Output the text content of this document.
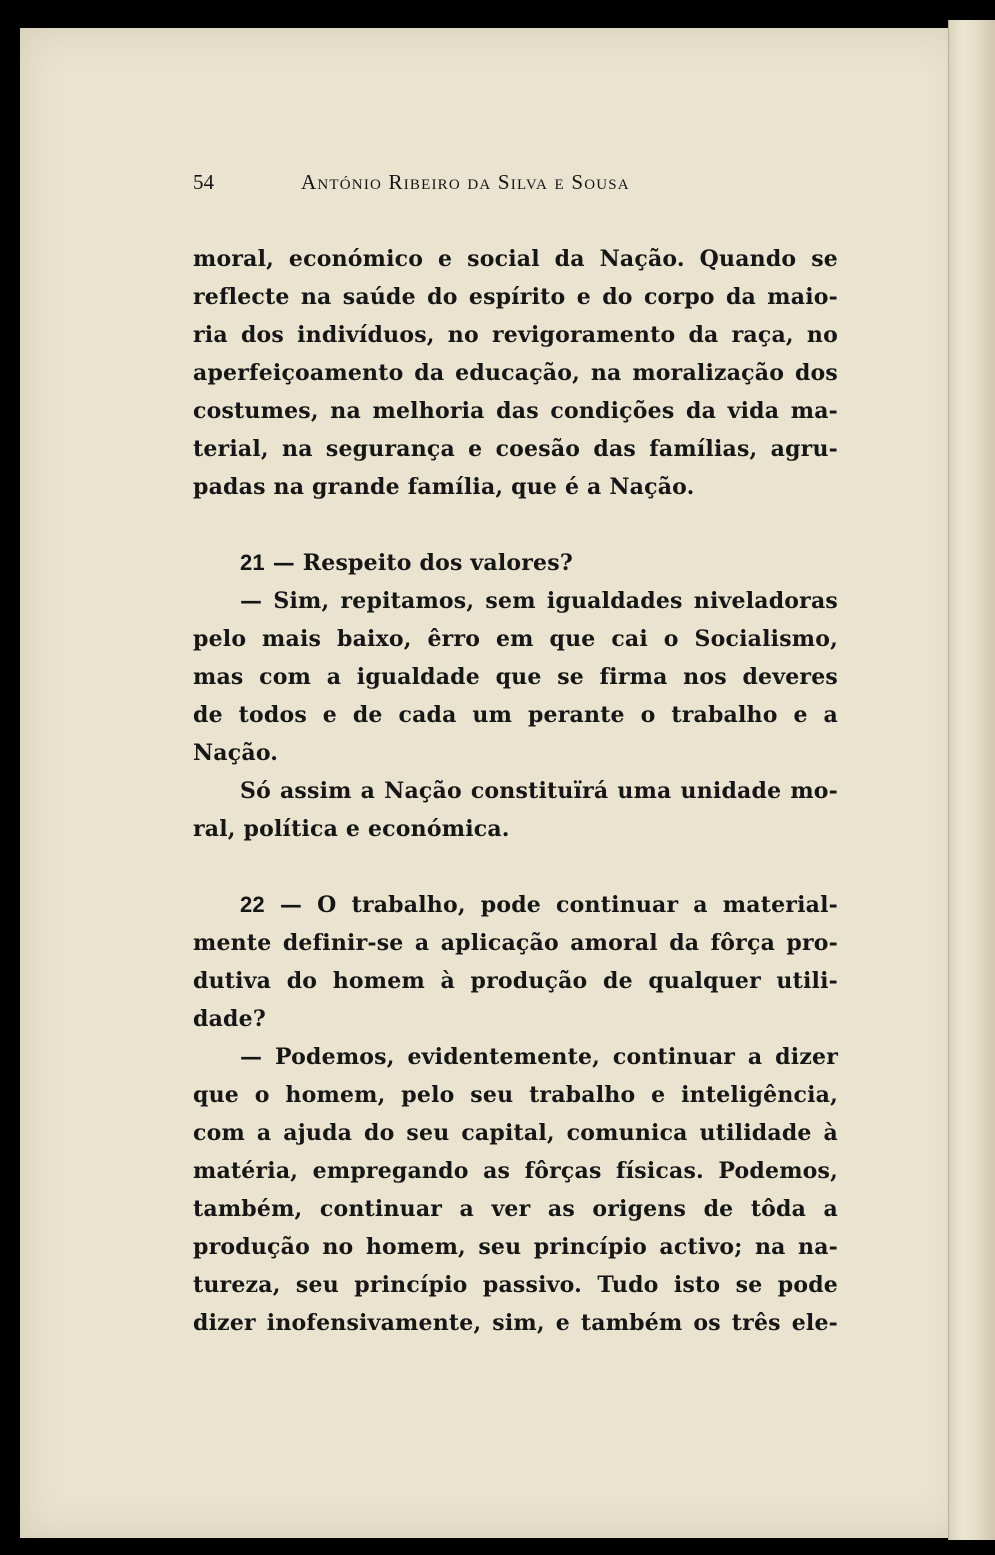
54	António Ribeiro da Silva e Sousa
moral, económico e social da Nação. Quando se
reflecte na saúde do espírito e do corpo da maio-
ria dos indivíduos, no revigoramento da raça, no
aperfeiçoamento da educação, na moralização dos
costumes, na melhoria das condições da vida ma-
terial, na segurança e coesão das famílias, agru-
padas na grande família, que é a Nação.
21 — Respeito dos valores?
— Sim, repitamos, sem igualdades niveladoras
pelo mais baixo, êrro em que cai o Socialismo,
mas com a igualdade que se firma nos deveres
de todos e de cada um perante o trabalho e a
Nação.
Só assim a Nação constituïrá uma unidade mo-
ral, política e económica.
22 — O trabalho, pode continuar a material-
mente definir-se a aplicação amoral da fôrça pro-
dutiva do homem à produção de qualquer utili-
dade?
— Podemos, evidentemente, continuar a dizer
que o homem, pelo seu trabalho e inteligência,
com a ajuda do seu capital, comunica utilidade à
matéria, empregando as fôrças físicas. Podemos,
também, continuar a ver as origens de tôda a
produção no homem, seu princípio activo; na na-
tureza, seu princípio passivo. Tudo isto se pode
dizer inofensivamente, sim, e também os três ele-
